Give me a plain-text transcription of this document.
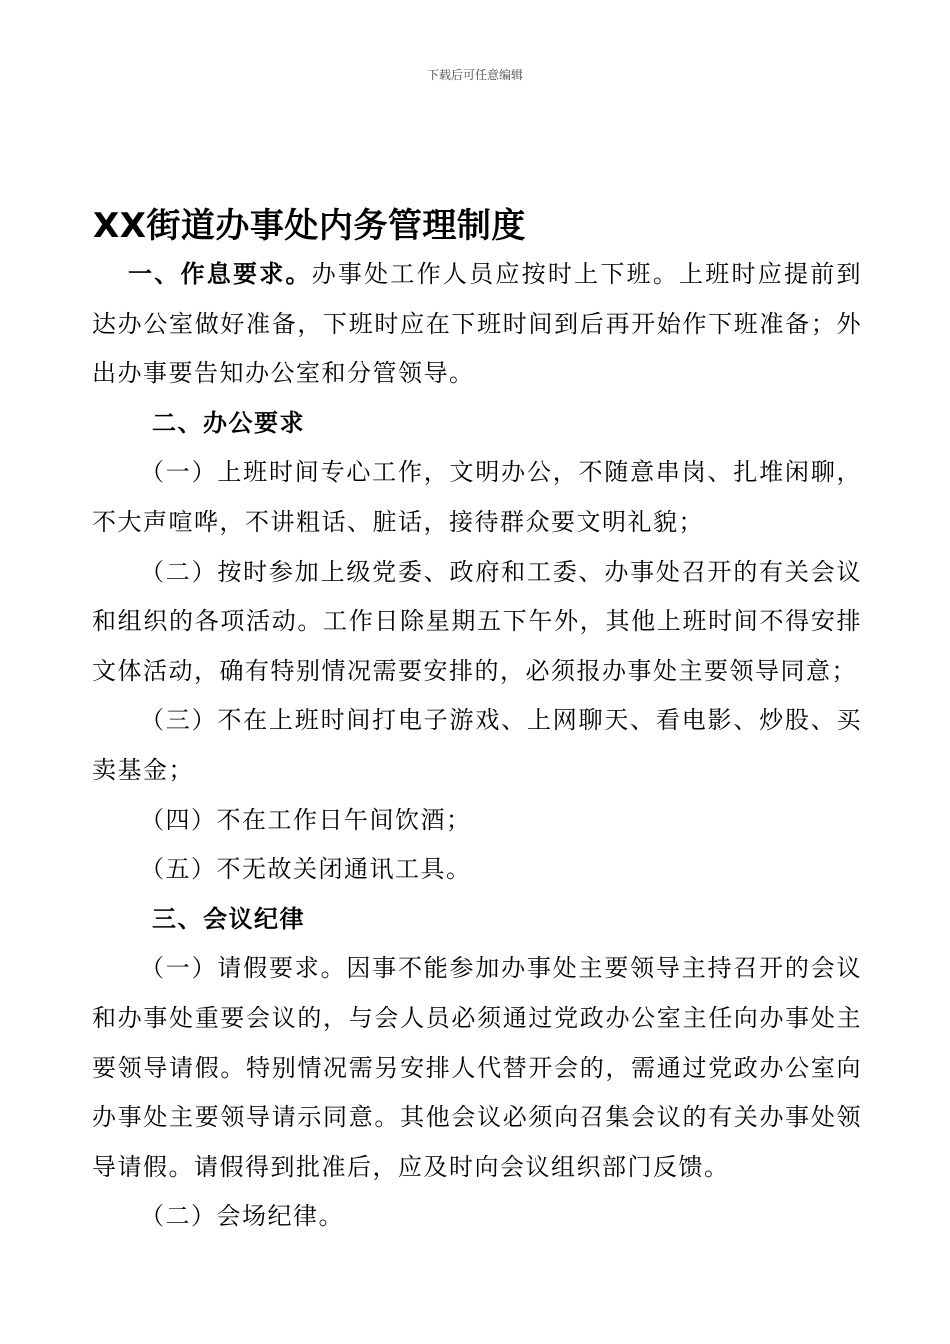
下载后可任意编辑
XX街道办事处内务管理制度

一、作息要求。办事处工作人员应按时上下班。上班时应提前到达办公室做好准备，下班时应在下班时间到后再开始作下班准备；外出办事要告知办公室和分管领导。

二、办公要求

（一）上班时间专心工作，文明办公，不随意串岗、扎堆闲聊，不大声喧哗，不讲粗话、脏话，接待群众要文明礼貌；

（二）按时参加上级党委、政府和工委、办事处召开的有关会议和组织的各项活动。工作日除星期五下午外，其他上班时间不得安排文体活动，确有特别情况需要安排的，必须报办事处主要领导同意；

（三）不在上班时间打电子游戏、上网聊天、看电影、炒股、买卖基金；

（四）不在工作日午间饮酒；

（五）不无故关闭通讯工具。

三、会议纪律

（一）请假要求。因事不能参加办事处主要领导主持召开的会议和办事处重要会议的，与会人员必须通过党政办公室主任向办事处主要领导请假。特别情况需另安排人代替开会的，需通过党政办公室向办事处主要领导请示同意。其他会议必须向召集会议的有关办事处领导请假。请假得到批准后，应及时向会议组织部门反馈。

（二）会场纪律。
